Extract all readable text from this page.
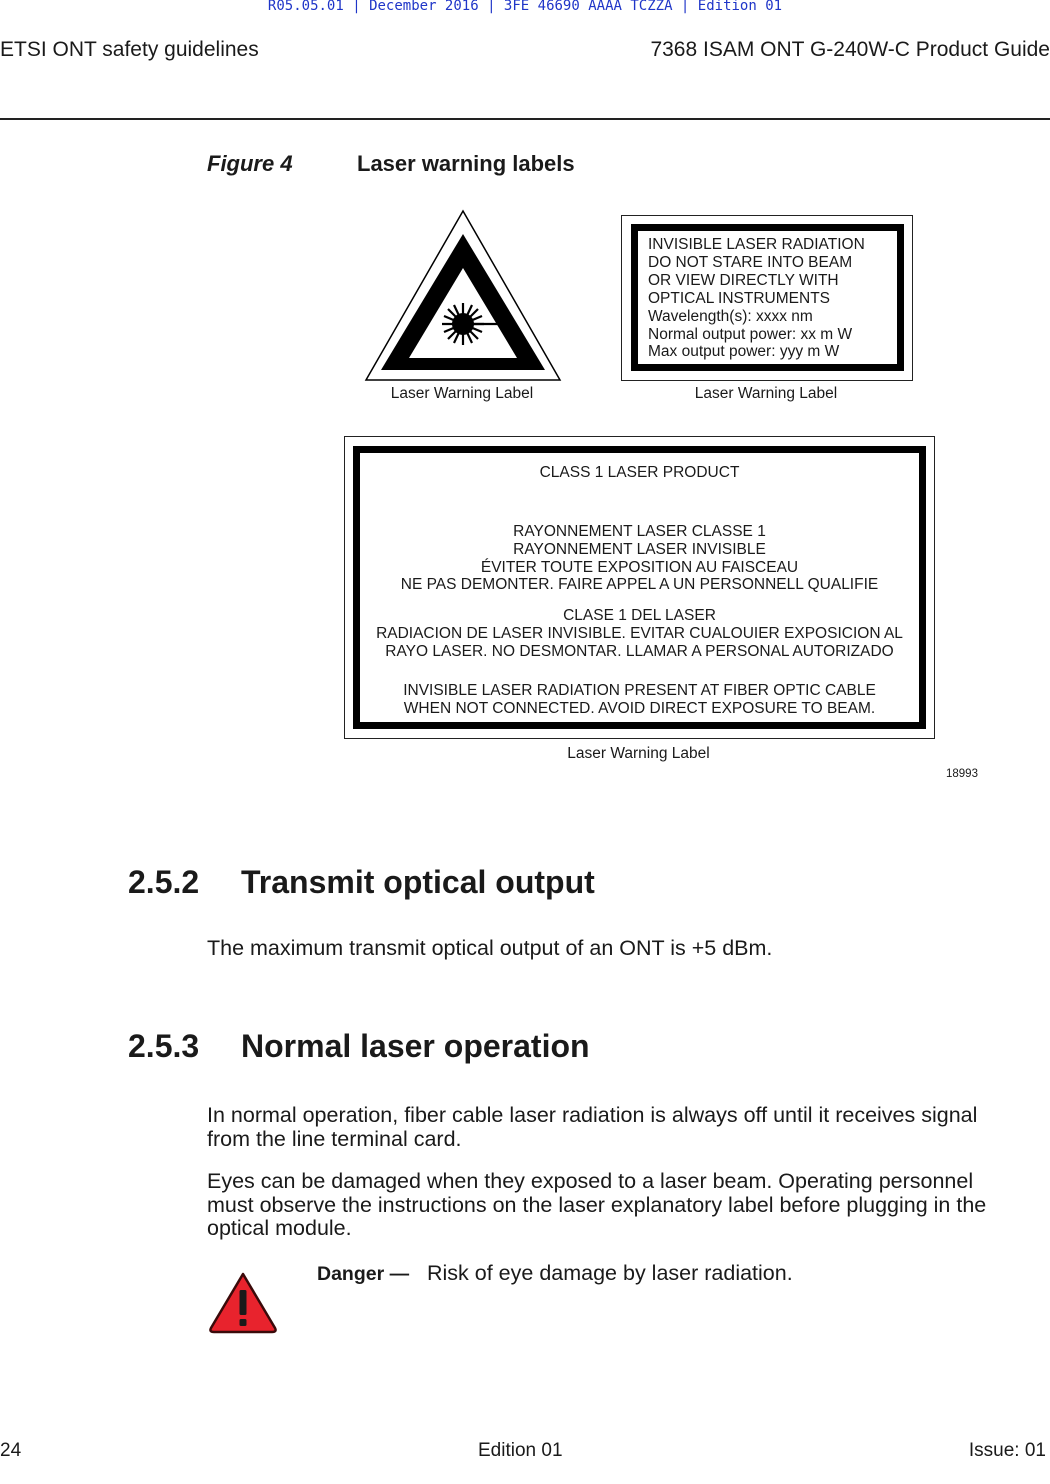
R05.05.01 | December 2016 | 3FE 46690 AAAA TCZZA | Edition 01
ETSI ONT safety guidelines	7368 ISAM ONT G-240W-C Product Guide
Figure 4	Laser warning labels
Laser Warning Label
INVISIBLE LASER RADIATION
DO NOT STARE INTO BEAM
OR VIEW DIRECTLY WITH
OPTICAL INSTRUMENTS
Wavelength(s): xxxx nm
Normal output power: xx m W
Max output power: yyy m W
Laser Warning Label
CLASS 1 LASER PRODUCT
RAYONNEMENT LASER CLASSE 1
RAYONNEMENT LASER INVISIBLE
ÉVITER TOUTE EXPOSITION AU FAISCEAU
NE PAS DEMONTER. FAIRE APPEL A UN PERSONNELL QUALIFIE
CLASE 1 DEL LASER
RADIACION DE LASER INVISIBLE. EVITAR CUALOUIER EXPOSICION AL
RAYO LASER. NO DESMONTAR. LLAMAR A PERSONAL AUTORIZADO
INVISIBLE LASER RADIATION PRESENT AT FIBER OPTIC CABLE
WHEN NOT CONNECTED. AVOID DIRECT EXPOSURE TO BEAM.
Laser Warning Label
18993
2.5.2 Transmit optical output
The maximum transmit optical output of an ONT is +5 dBm.
2.5.3 Normal laser operation
In normal operation, fiber cable laser radiation is always off until it receives signal
from the line terminal card.
Eyes can be damaged when they exposed to a laser beam. Operating personnel
must observe the instructions on the laser explanatory label before plugging in the
optical module.
Danger — Risk of eye damage by laser radiation.
24	Edition 01	Issue: 01
